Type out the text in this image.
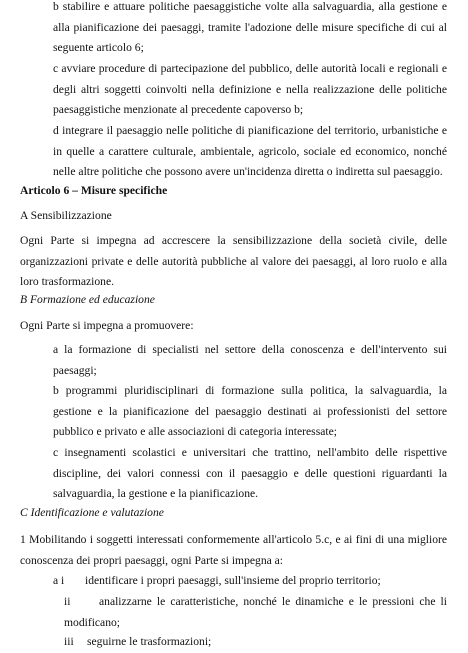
b stabilire e attuare politiche paesaggistiche volte alla salvaguardia, alla gestione e alla pianificazione dei paesaggi, tramite l'adozione delle misure specifiche di cui al seguente articolo 6;
c avviare procedure di partecipazione del pubblico, delle autorità locali e regionali e degli altri soggetti coinvolti nella definizione e nella realizzazione delle politiche paesaggistiche menzionate al precedente capoverso b;
d integrare il paesaggio nelle politiche di pianificazione del territorio, urbanistiche e in quelle a carattere culturale, ambientale, agricolo, sociale ed economico, nonché nelle altre politiche che possono avere un'incidenza diretta o indiretta sul paesaggio.
Articolo 6 – Misure specifiche
A Sensibilizzazione
Ogni Parte si impegna ad accrescere la sensibilizzazione della società civile, delle organizzazioni private e delle autorità pubbliche al valore dei paesaggi, al loro ruolo e alla loro trasformazione.
B Formazione ed educazione
Ogni Parte si impegna a promuovere:
a la formazione di specialisti nel settore della conoscenza e dell'intervento sui paesaggi;
b programmi pluridisciplinari di formazione sulla politica, la salvaguardia, la gestione e la pianificazione del paesaggio destinati ai professionisti del settore pubblico e privato e alle associazioni di categoria interessate;
c insegnamenti scolastici e universitari che trattino, nell'ambito delle rispettive discipline, dei valori connessi con il paesaggio e delle questioni riguardanti la salvaguardia, la gestione e la pianificazione.
C Identificazione e valutazione
1 Mobilitando i soggetti interessati conformemente all'articolo 5.c, e ai fini di una migliore conoscenza dei propri paesaggi, ogni Parte si impegna a:
a i identificare i propri paesaggi, sull'insieme del proprio territorio;
ii	analizzarne le caratteristiche, nonché le dinamiche e le pressioni che li modificano;
iii seguirne le trasformazioni;
